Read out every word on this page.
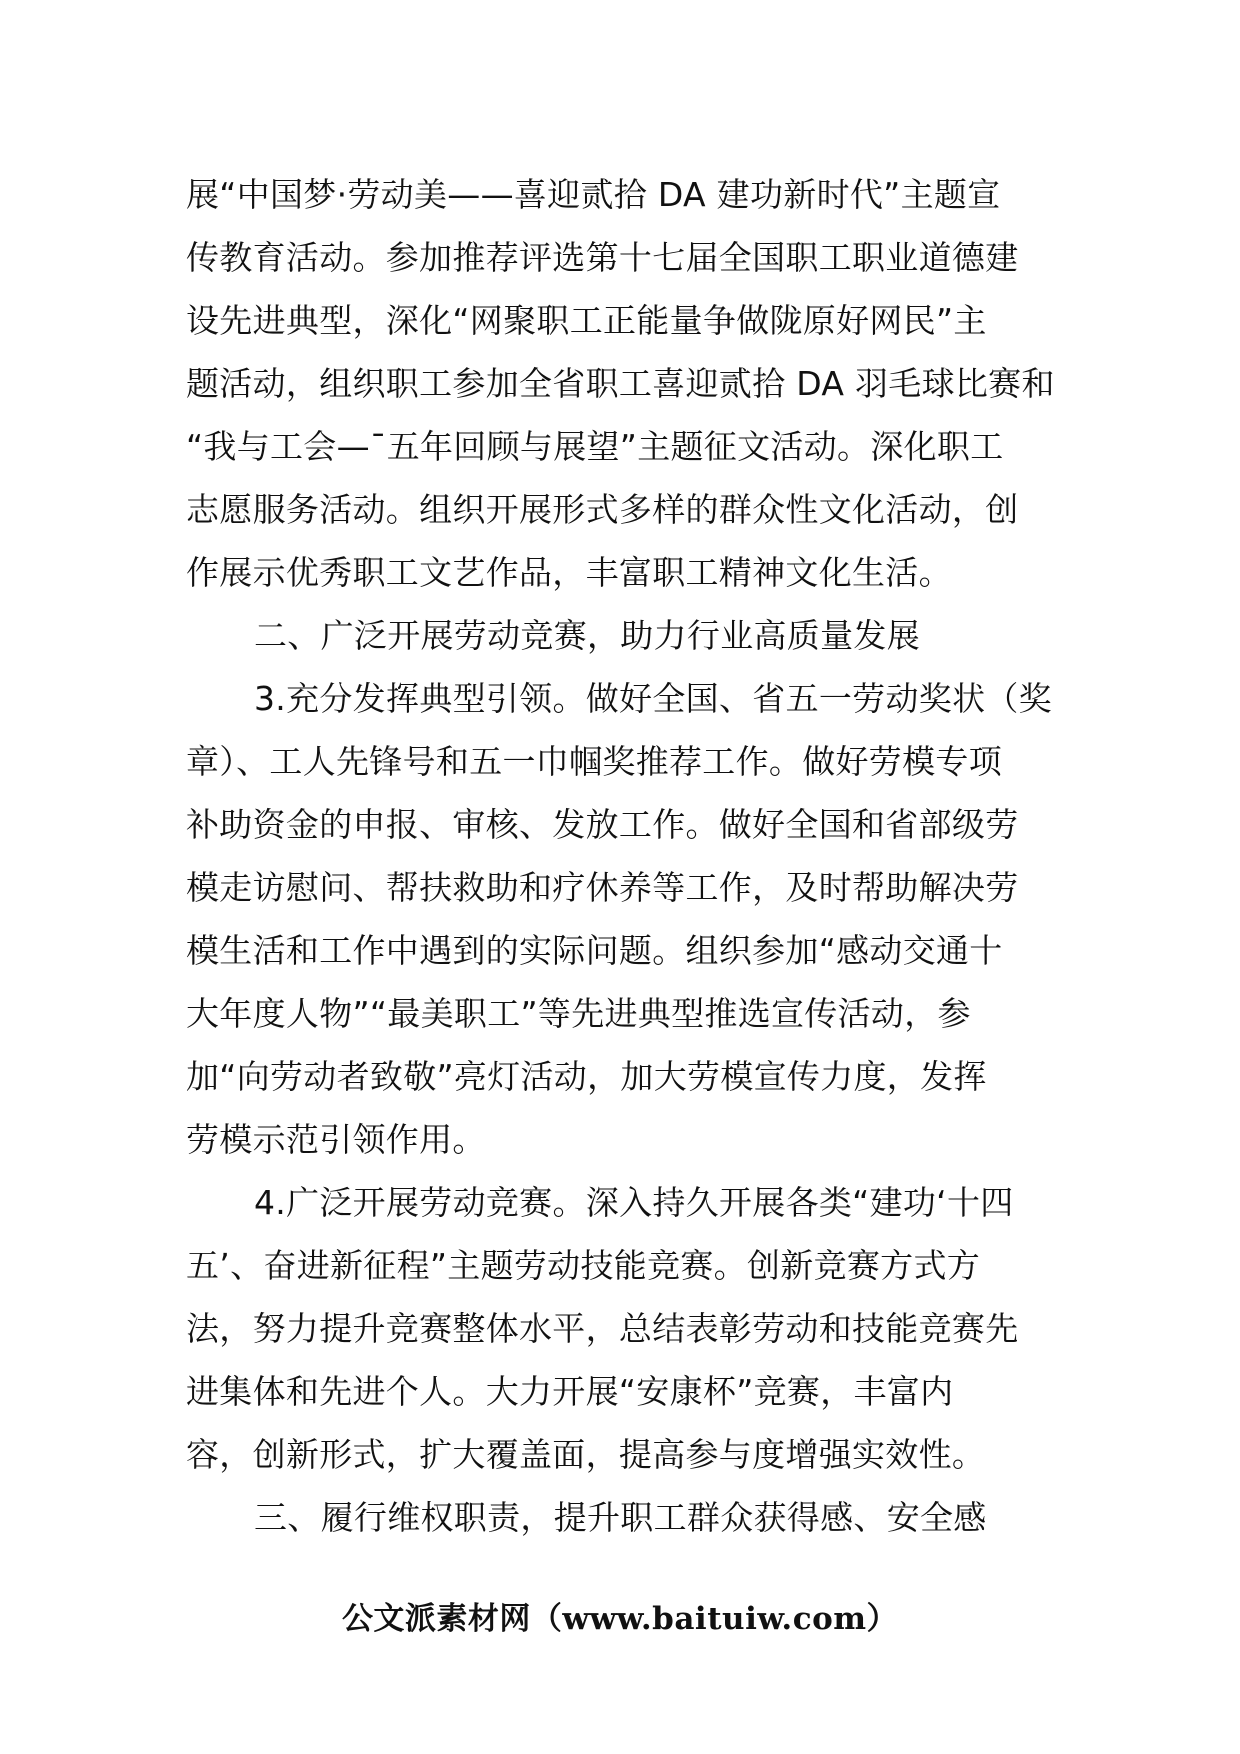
展“中国梦·劳动美——喜迎贰拾 DA 建功新时代”主题宣
传教育活动。参加推荐评选第十七届全国职工职业道德建
设先进典型，深化“网聚职工正能量争做陇原好网民”主
题活动，组织职工参加全省职工喜迎贰拾 DA 羽毛球比赛和
“我与工会—ˉ五年回顾与展望”主题征文活动。深化职工
志愿服务活动。组织开展形式多样的群众性文化活动，创
作展示优秀职工文艺作品，丰富职工精神文化生活。
二、广泛开展劳动竞赛，助力行业高质量发展
3.充分发挥典型引领。做好全国、省五一劳动奖状（奖
章）、工人先锋号和五一巾帼奖推荐工作。做好劳模专项
补助资金的申报、审核、发放工作。做好全国和省部级劳
模走访慰问、帮扶救助和疗休养等工作，及时帮助解决劳
模生活和工作中遇到的实际问题。组织参加“感动交通十
大年度人物”“最美职工”等先进典型推选宣传活动，参
加“向劳动者致敬”亮灯活动，加大劳模宣传力度，发挥
劳模示范引领作用。
4.广泛开展劳动竞赛。深入持久开展各类“建功‘十四
五’、奋进新征程”主题劳动技能竞赛。创新竞赛方式方
法，努力提升竞赛整体水平，总结表彰劳动和技能竞赛先
进集体和先进个人。大力开展“安康杯”竞赛，丰富内
容，创新形式，扩大覆盖面，提高参与度增强实效性。
三、履行维权职责，提升职工群众获得感、安全感
公文派素材网（www.baituiw.com）
